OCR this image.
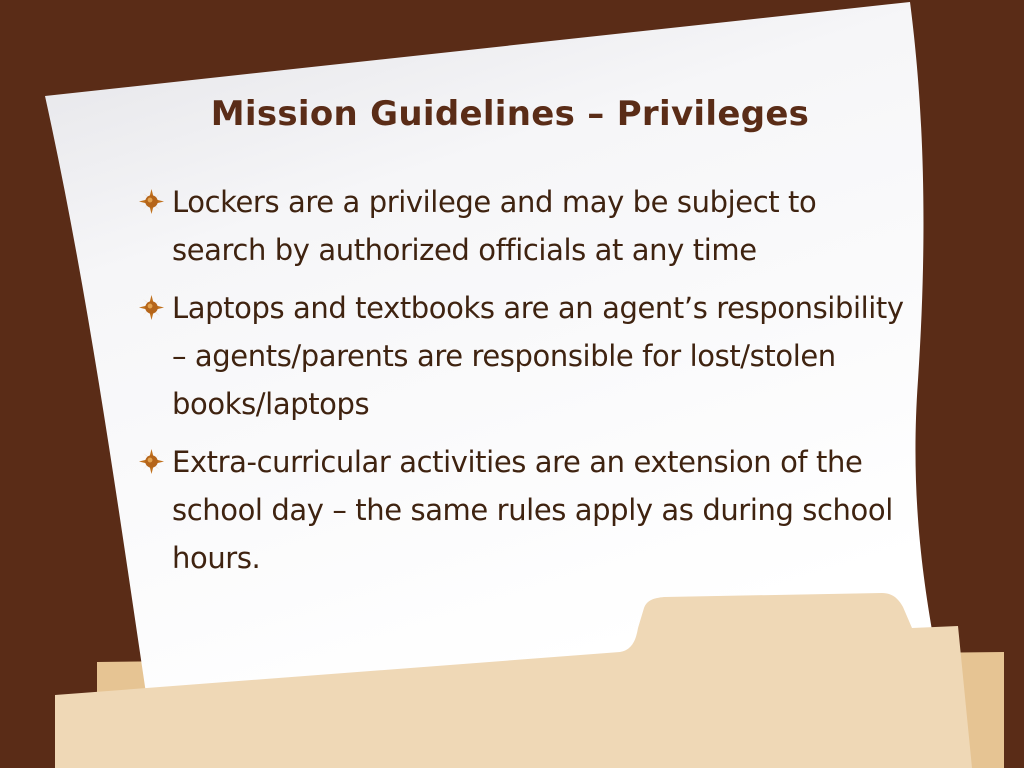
Mission Guidelines – Privileges
Lockers are a privilege and may be subject to search by authorized officials at any time
Laptops and textbooks are an agent’s responsibility – agents/parents are responsible for lost/stolen books/laptops
Extra-curricular activities are an extension of the school day – the same rules apply as during school hours.
